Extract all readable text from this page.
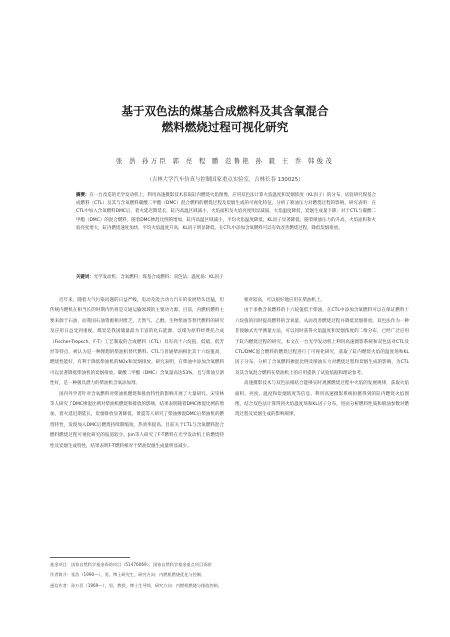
基于双色法的煤基合成燃料及其含氧混合
燃料燃烧过程可视化研究
张 浩 孙万臣 郭 亮 程 鹏 范鲁艳 孙 毅 王 乔 韩俊茂
（吉林大学汽车仿真与控制国家重点实验室，吉林长春 130025）
摘要：在一台改造的光学发动机上，利用高速摄影技术获取缸内燃烧火焰图像，应用双色法计算火焰温度和炭烟浓度（KL因子）的分布，试验研究煤基合成燃料（CTL）及其与含氧燃料碳酸二甲酯（DMC）混合燃料的燃烧过程及炭烟生成的可视化特征，分析了喷油压力对燃烧过程的影响。研究表明：在CTL中加入含氧燃料DMC后，着火延迟期延长，缸内高温区域减小，火焰面积及火焰亮度明显减弱，火焰温度降低，炭烟生成量下降；对于CTL与碳酸二甲酯（DMC）的混合燃料，随着DMC掺混比例的增加，缸内高温区域减小，平均火焰温度降低，KL因子显著降低；随着喷油压力的升高，火焰面积和火焰亮度增大，缸内燃烧速度加快，平均火焰温度升高，KL因子明显降低。在CTL中添加含氧燃料可以有效改善燃烧过程，降低炭烟排放。
关键词：光学发动机；含氧燃料；煤基合成燃料；双色法；温度场；KL因子

近年来，随着大气污染问题的日益严峻，电动及混合动力汽车的发展势头迅猛，但传统内燃机在相当长的时期内仍将是交通运输领域的主要动力源。目前，内燃机燃料主要来源于石油，而我国石油资源相对匮乏，天然气、乙醇、生物柴油等替代燃料的研究及应用日益受到重视。煤炭是我国储量最为丰富的化石能源，以煤为原料经费托合成（Fischer-Tropsch，F-T）工艺制取的合成燃料（CTL）具有高十六烷值、低硫、低芳烃等特点，被认为是一种理想的柴油机替代燃料。CTL与普通柴油相比其十六烷值高，燃烧性能好，有利于降低柴油机的NOx和炭烟排放。研究表明，在柴油中添加含氧燃料可以显著降低柴油机的炭烟排放。碳酸二甲酯（DMC）含氧量高达53%，且与柴油互溶性好，是一种极具潜力的柴油机含氧添加剂。

国内外学者针对含氧燃料对柴油机燃烧和排放特性的影响开展了大量研究。宋崇林等人研究了DMC掺混比例对柴油机燃烧和排放的影响，结果表明随着DMC掺混比例的增加，着火延迟期延长，炭烟排放显著降低。黄震等人研究了柴油掺混DMC后柴油机的燃烧特性，发现加入DMC后燃烧持续期缩短，热效率提高。目前关于CTL与含氧燃料混合燃料燃烧过程可视化研究的报道较少。Jim等人研究了F-T燃料在光学发动机上的燃烧特性及炭烟生成特性，结果表明F-T燃料相对于柴油炭烟生成量明显减少。

相对较高，可以很好地应用在柴油机上。

由于多数含氧燃料的十六烷值低于柴油，在CTL中添加含氧燃料可以在保证燃料十六烷值的同时提高燃料的含氧量，从而改善燃烧过程并降低炭烟排放。双色法作为一种非接触式光学测量方法，可以同时获得火焰温度和炭烟浓度的二维分布，已经广泛应用于缸内燃烧过程的研究。本文在一台光学发动机上利用高速摄影系统和双色法对CTL及CTL/DMC混合燃料的燃烧过程进行了可视化研究，获取了缸内燃烧火焰的温度场和KL因子分布，分析了含氧燃料掺混比例及喷油压力对燃烧过程和炭烟生成的影响，为CTL及其含氧混合燃料在柴油机上的应用提供了试验依据和理论参考。

高速摄影技术与双色法相结合能够实时观测燃烧过程中火焰的发展规律，获取火焰面积、亮度、温度和炭烟浓度等信息。利用高速摄影系统拍摄得到的缸内燃烧火焰图像，结合双色法计算得到火焰温度场和KL因子分布，进而分析燃料性质和喷油参数对燃烧过程及炭烟生成的影响规律。

基金项目：国家自然科学基金资助项目（51476069）；国家自然科学基金重点项目资助
作者简介：张浩（1990—），男，博士研究生，研究方向：内燃机燃烧优化与控制。
通信作者：孙万臣（1969—），男，教授，博士生导师，研究方向：内燃机燃烧与排放控制。
